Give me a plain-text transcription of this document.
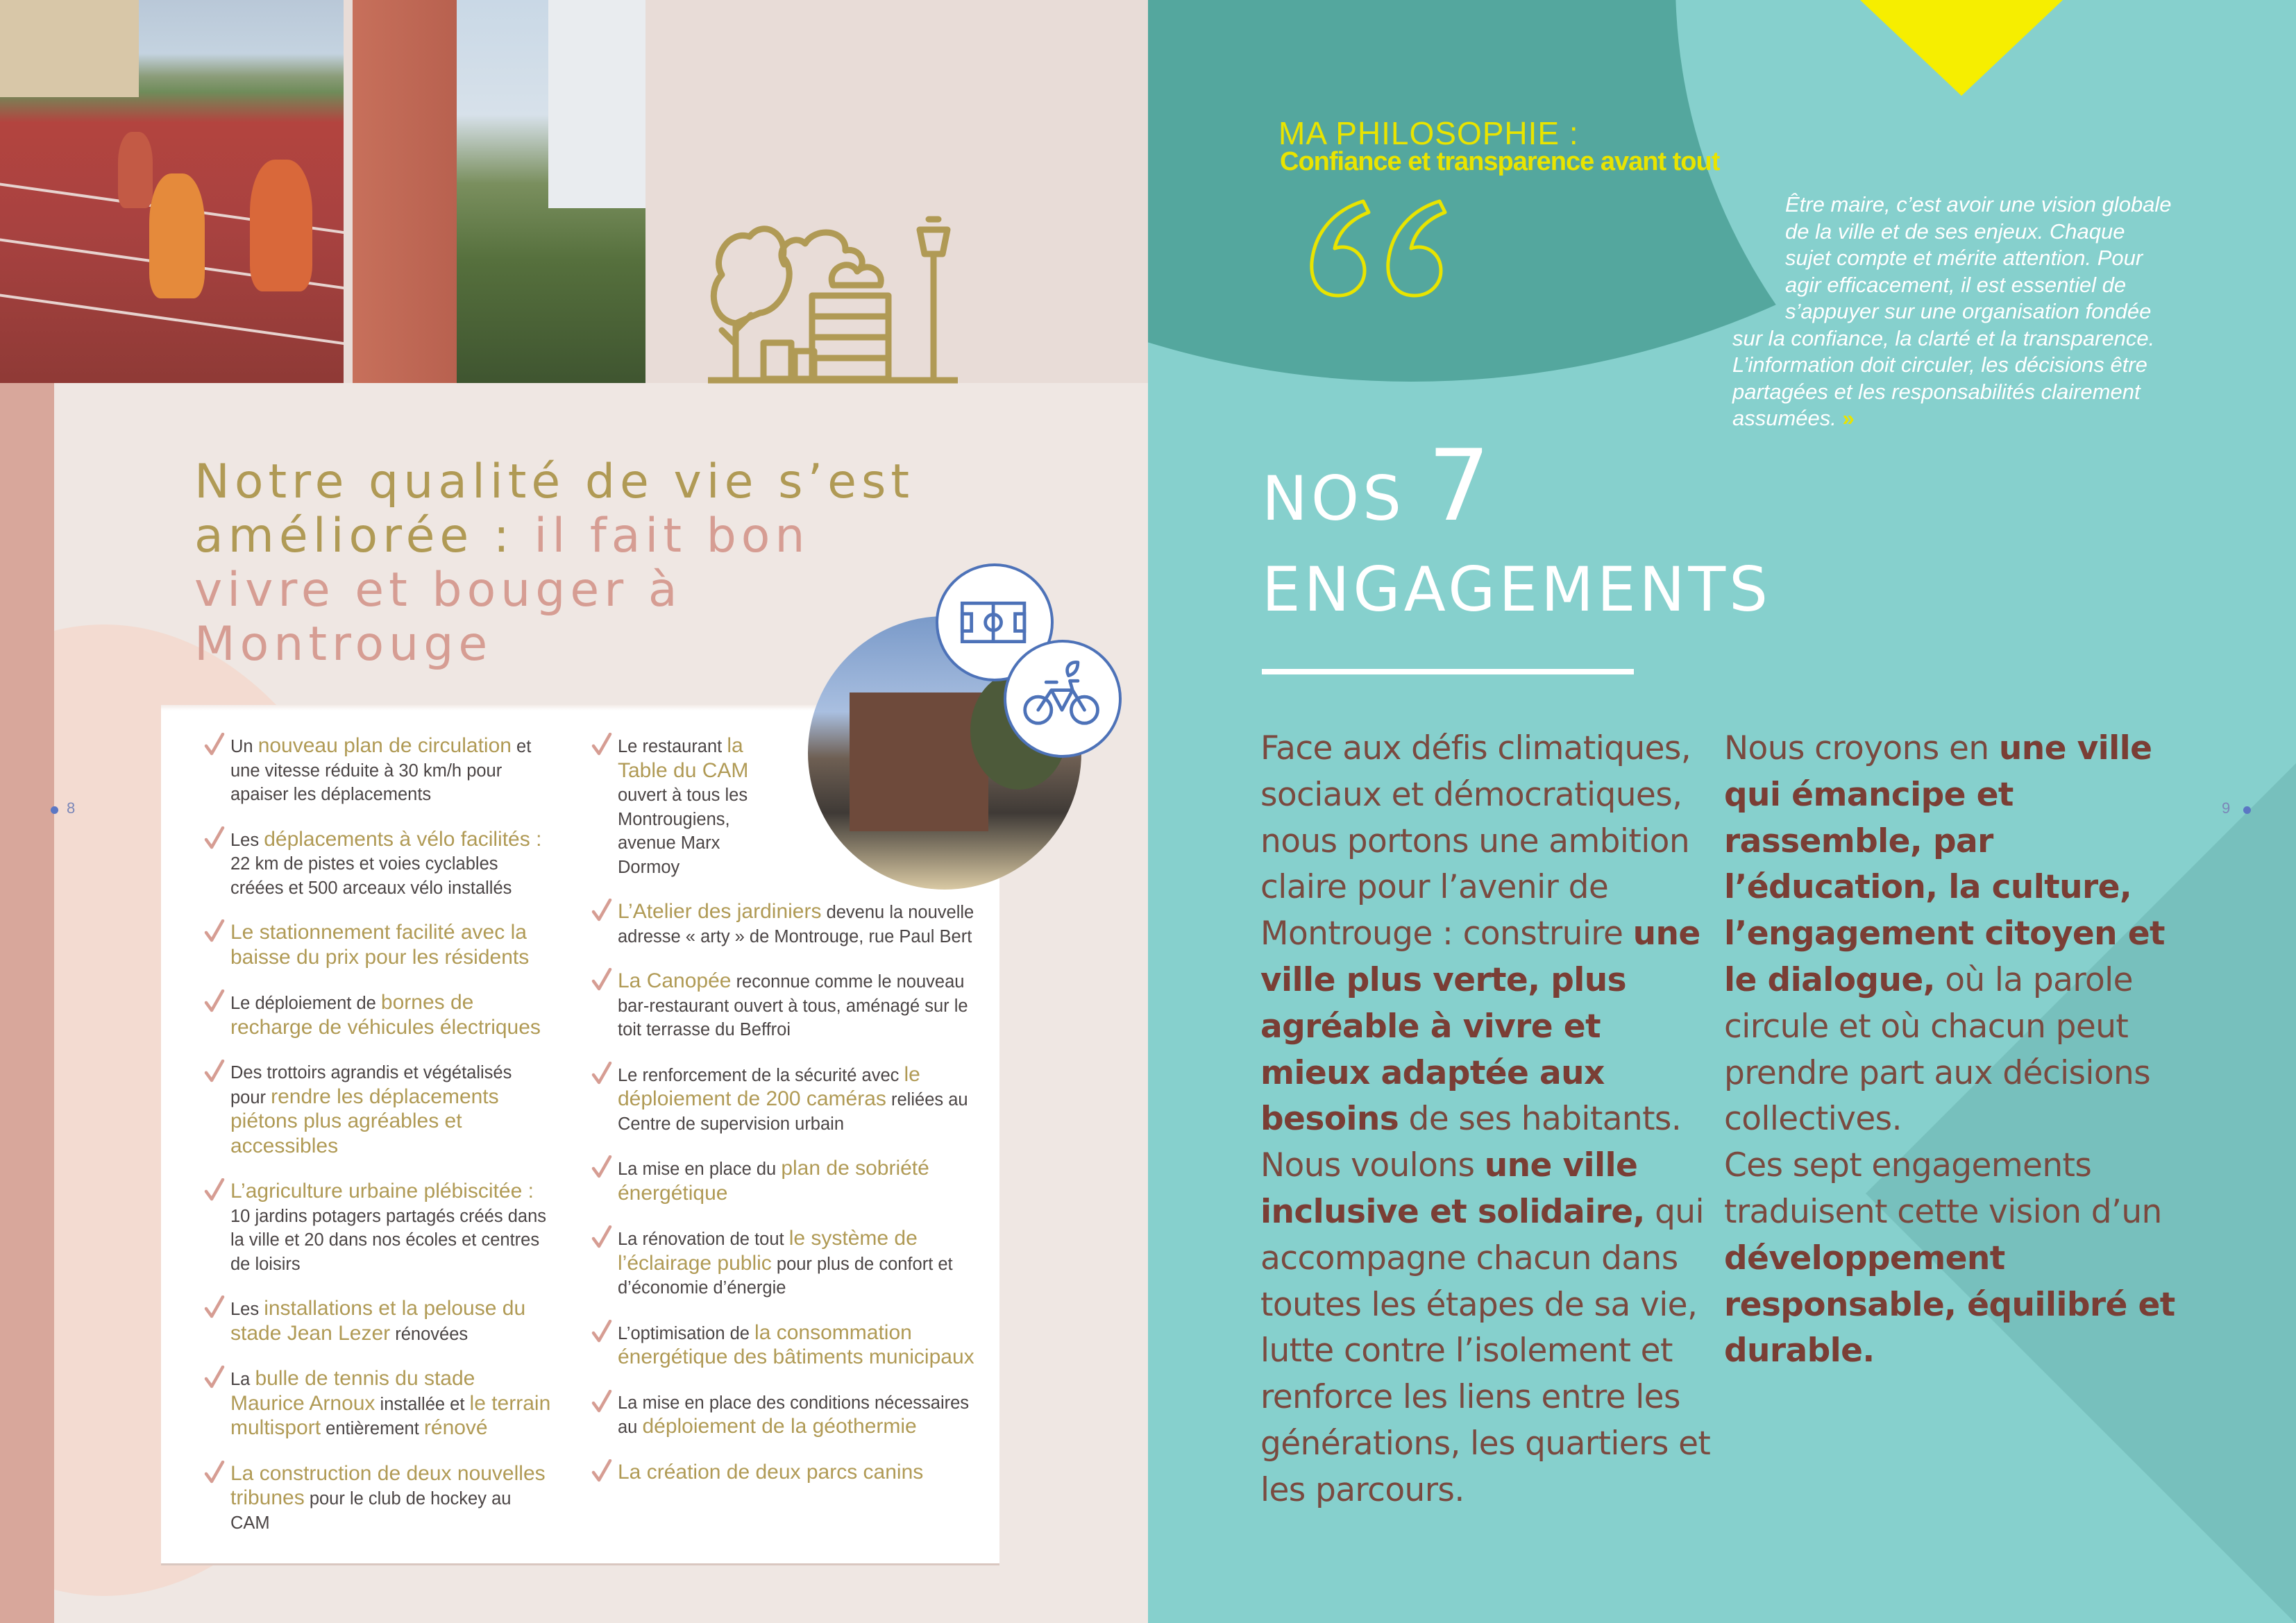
Notre qualité de vie s’est améliorée : il fait bon vivre et bouger à Montrouge
Un nouveau plan de circulation et une vitesse réduite à 30 km/h pour apaiser les déplacements
Les déplacements à vélo facilités : 22 km de pistes et voies cyclables créées et 500 arceaux vélo installés
Le stationnement facilité avec la baisse du prix pour les résidents
Le déploiement de bornes de recharge de véhicules électriques
Des trottoirs agrandis et végétalisés pour rendre les déplacements piétons plus agréables et accessibles
L’agriculture urbaine plébiscitée : 10 jardins potagers partagés créés dans la ville et 20 dans nos écoles et centres de loisirs
Les installations et la pelouse du stade Jean Lezer rénovées
La bulle de tennis du stade Maurice Arnoux installée et le terrain multisport entièrement rénové
La construction de deux nouvelles tribunes pour le club de hockey au CAM
Le restaurant la Table du CAM ouvert à tous les Montrougiens, avenue Marx Dormoy
L’Atelier des jardiniers devenu la nouvelle adresse « arty » de Montrouge, rue Paul Bert
La Canopée reconnue comme le nouveau bar-restaurant ouvert à tous, aménagé sur le toit terrasse du Beffroi
Le renforcement de la sécurité avec le déploiement de 200 caméras reliées au Centre de supervision urbain
La mise en place du plan de sobriété énergétique
La rénovation de tout le système de l’éclairage public pour plus de confort et d’économie d’énergie
L’optimisation de la consommation énergétique des bâtiments municipaux
La mise en place des conditions nécessaires au déploiement de la géothermie
La création de deux parcs canins
8	9
MA PHILOSOPHIE :
Confiance et transparence avant tout
Être maire, c’est avoir une vision globale
de la ville et de ses enjeux. Chaque
sujet compte et mérite attention. Pour
agir efficacement, il est essentiel de
s’appuyer sur une organisation fondée
sur la confiance, la clarté et la transparence.
L’information doit circuler, les décisions être
partagées et les responsabilités clairement
assumées. »
NOS 7
ENGAGEMENTS
Face aux défis climatiques, sociaux et démocratiques, nous portons une ambition claire pour l’avenir de Montrouge : construire une ville plus verte, plus agréable à vivre et mieux adaptée aux besoins de ses habitants.
Nous voulons une ville inclusive et solidaire, qui accompagne chacun dans toutes les étapes de sa vie, lutte contre l’isolement et renforce les liens entre les générations, les quartiers et les parcours.
Nous croyons en une ville qui émancipe et rassemble, par l’éducation, la culture, l’engagement citoyen et le dialogue, où la parole circule et où chacun peut prendre part aux décisions collectives.
Ces sept engagements traduisent cette vision d’un développement responsable, équilibré et durable.
